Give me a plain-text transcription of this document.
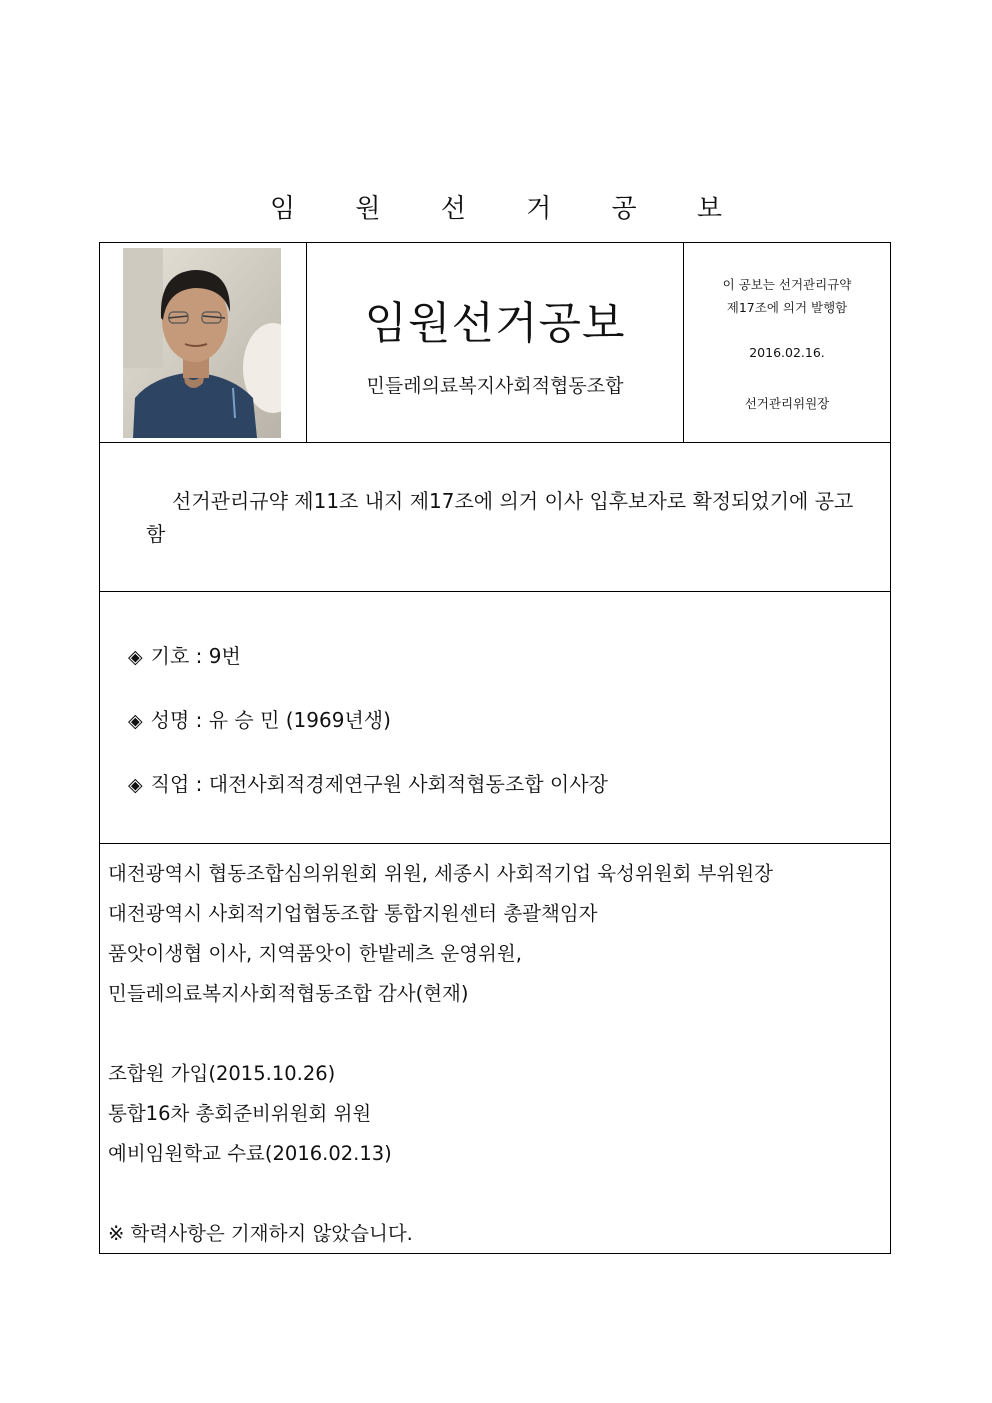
임 원 선 거 공 보
임원선거공보
민들레의료복지사회적협동조합
이 공보는 선거관리규약
제17조에 의거 발행함
2016.02.16.
선거관리위원장
선거관리규약 제11조 내지 제17조에 의거 이사 입후보자로 확정되었기에 공고함
◈ 기호 : 9번
◈ 성명 : 유 승 민 (1969년생)
◈ 직업 : 대전사회적경제연구원 사회적협동조합 이사장
대전광역시 협동조합심의위원회 위원, 세종시 사회적기업 육성위원회 부위원장
대전광역시 사회적기업협동조합 통합지원센터 총괄책임자
품앗이생협 이사, 지역품앗이 한밭레츠 운영위원,
민들레의료복지사회적협동조합 감사(현재)
조합원 가입(2015.10.26)
통합16차 총회준비위원회 위원
예비임원학교 수료(2016.02.13)
※ 학력사항은 기재하지 않았습니다.
